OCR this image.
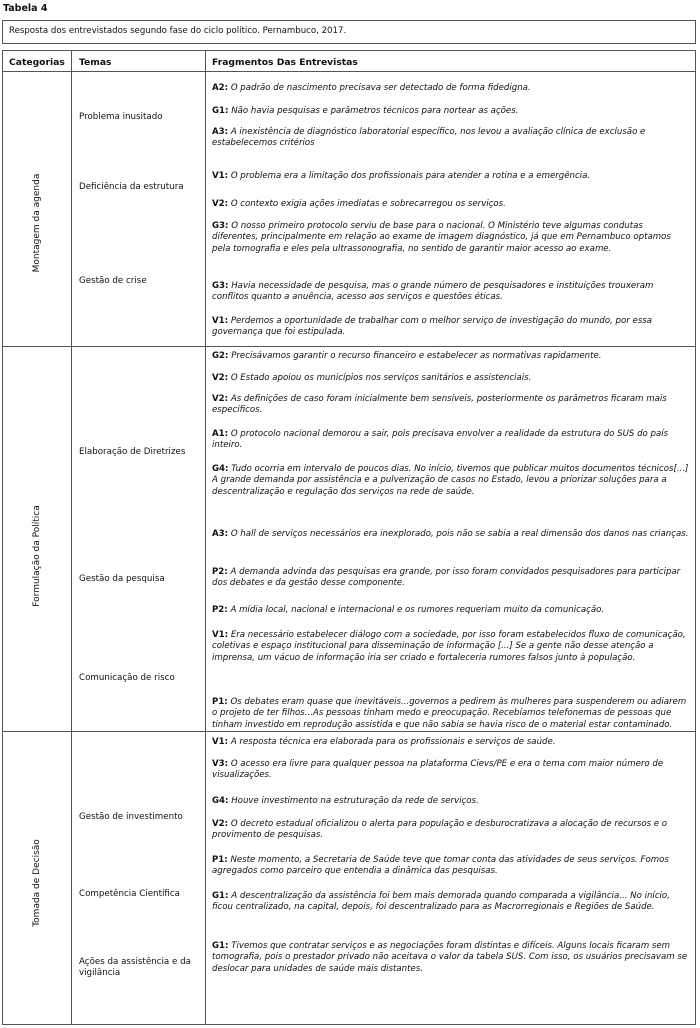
Tabela 4
Resposta dos entrevistados segundo fase do ciclo político. Pernambuco, 2017.
Categorias Temas	Fragmentos Das Entrevistas
Montagem da agenda
Formulação da Política
Tomada de Decisão
Problema inusitado
Deficiência da estrutura
Gestão de crise
Elaboração de Diretrizes
Gestão da pesquisa
Comunicação de risco
Gestão de investimento
Competência Científica
Ações da assistência e da vigilância
A2: O padrão de nascimento precisava ser detectado de forma fidedigna.
G1: Não havia pesquisas e parâmetros técnicos para nortear as ações.
A3: A inexistência de diagnóstico laboratorial específico, nos levou a avaliação clínica de exclusão e estabelecemos critérios
V1: O problema era a limitação dos profissionais para atender a rotina e a emergência.
V2: O contexto exigia ações imediatas e sobrecarregou os serviços.
G3: O nosso primeiro protocolo serviu de base para o nacional. O Ministério teve algumas condutas diferentes, principalmente em relação ao exame de imagem diagnóstico, já que em Pernambuco optamos pela tomografia e eles pela ultrassonografia, no sentido de garantir maior acesso ao exame.
G3: Havia necessidade de pesquisa, mas o grande número de pesquisadores e instituições trouxeram conflitos quanto a anuência, acesso aos serviços e questões éticas.
V1: Perdemos a oportunidade de trabalhar com o melhor serviço de investigação do mundo, por essa governança que foi estipulada.
G2: Precisávamos garantir o recurso financeiro e estabelecer as normativas rapidamente.
V2: O Estado apoiou os municípios nos serviços sanitários e assistenciais.
V2: As definições de caso foram inicialmente bem sensíveis, posteriormente os parâmetros ficaram mais específicos.
A1: O protocolo nacional demorou a sair, pois precisava envolver a realidade da estrutura do SUS do país inteiro.
G4: Tudo ocorria em intervalo de poucos dias. No início, tivemos que publicar muitos documentos técnicos[...] A grande demanda por assistência e a pulverização de casos no Estado, levou a priorizar soluções para a descentralização e regulação dos serviços na rede de saúde.
A3: O hall de serviços necessários era inexplorado, pois não se sabia a real dimensão dos danos nas crianças.
P2: A demanda advinda das pesquisas era grande, por isso foram convidados pesquisadores para participar dos debates e da gestão desse componente.
P2: A mídia local, nacional e internacional e os rumores requeriam muito da comunicação.
V1: Era necessário estabelecer diálogo com a sociedade, por isso foram estabelecidos fluxo de comunicação, coletivas e espaço institucional para disseminação de informação [...] Se a gente não desse atenção a imprensa, um vácuo de informação iria ser criado e fortaleceria rumores falsos junto à população.
P1: Os debates eram quase que inevitáveis...governos a pedirem às mulheres para suspenderem ou adiarem o projeto de ter filhos...As pessoas tinham medo e preocupação. Recebíamos telefonemas de pessoas que tinham investido em reprodução assistida e que não sabia se havia risco de o material estar contaminado.
V1: A resposta técnica era elaborada para os profissionais e serviços de saúde.
V3: O acesso era livre para qualquer pessoa na plataforma Cievs/PE e era o tema com maior número de visualizações.
G4: Houve investimento na estruturação da rede de serviços.
V2: O decreto estadual oficializou o alerta para população e desburocratizava a alocação de recursos e o provimento de pesquisas.
P1: Neste momento, a Secretaria de Saúde teve que tomar conta das atividades de seus serviços. Fomos agregados como parceiro que entendia a dinâmica das pesquisas.
G1: A descentralização da assistência foi bem mais demorada quando comparada a vigilância... No início, ficou centralizado, na capital, depois, foi descentralizado para as Macrorregionais e Regiões de Saúde.
G1: Tivemos que contratar serviços e as negociações foram distintas e difíceis. Alguns locais ficaram sem tomografia, pois o prestador privado não aceitava o valor da tabela SUS. Com isso, os usuários precisavam se deslocar para unidades de saúde mais distantes.
